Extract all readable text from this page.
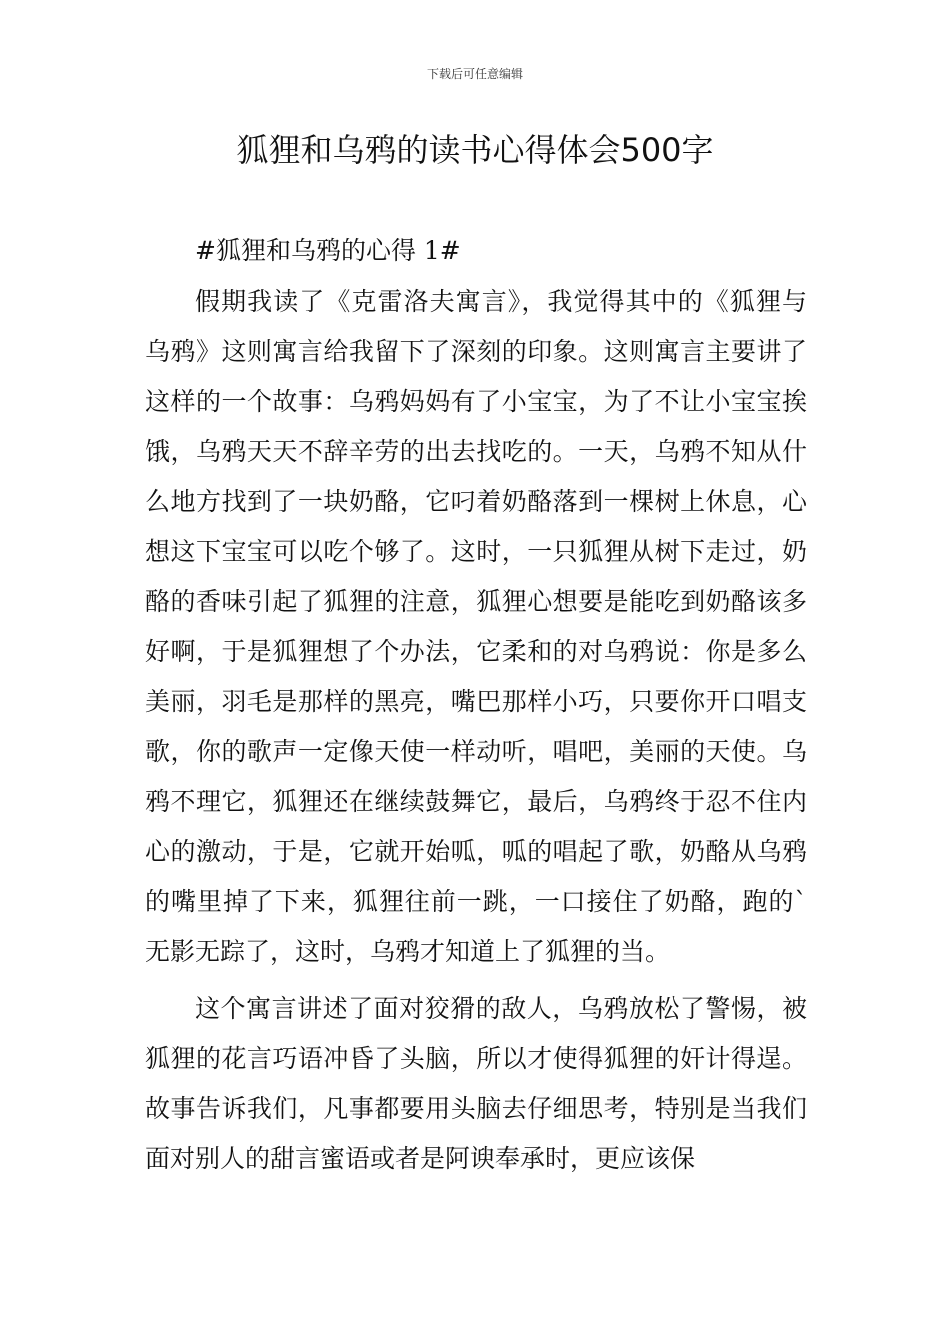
下载后可任意编辑
狐狸和乌鸦的读书心得体会500字

#狐狸和乌鸦的心得 1#

假期我读了《克雷洛夫寓言》，我觉得其中的《狐狸与乌鸦》这则寓言给我留下了深刻的印象。这则寓言主要讲了这样的一个故事：乌鸦妈妈有了小宝宝，为了不让小宝宝挨饿，乌鸦天天不辞辛劳的出去找吃的。一天，乌鸦不知从什么地方找到了一块奶酪，它叼着奶酪落到一棵树上休息，心想这下宝宝可以吃个够了。这时，一只狐狸从树下走过，奶酪的香味引起了狐狸的注意，狐狸心想要是能吃到奶酪该多好啊，于是狐狸想了个办法，它柔和的对乌鸦说：你是多么美丽，羽毛是那样的黑亮，嘴巴那样小巧，只要你开口唱支歌，你的歌声一定像天使一样动听，唱吧，美丽的天使。乌鸦不理它，狐狸还在继续鼓舞它，最后，乌鸦终于忍不住内心的激动，于是，它就开始呱，呱的唱起了歌，奶酪从乌鸦的嘴里掉了下来，狐狸往前一跳，一口接住了奶酪，跑的`无影无踪了，这时，乌鸦才知道上了狐狸的当。

这个寓言讲述了面对狡猾的敌人，乌鸦放松了警惕，被狐狸的花言巧语冲昏了头脑，所以才使得狐狸的奸计得逞。故事告诉我们，凡事都要用头脑去仔细思考，特别是当我们面对别人的甜言蜜语或者是阿谀奉承时，更应该保
